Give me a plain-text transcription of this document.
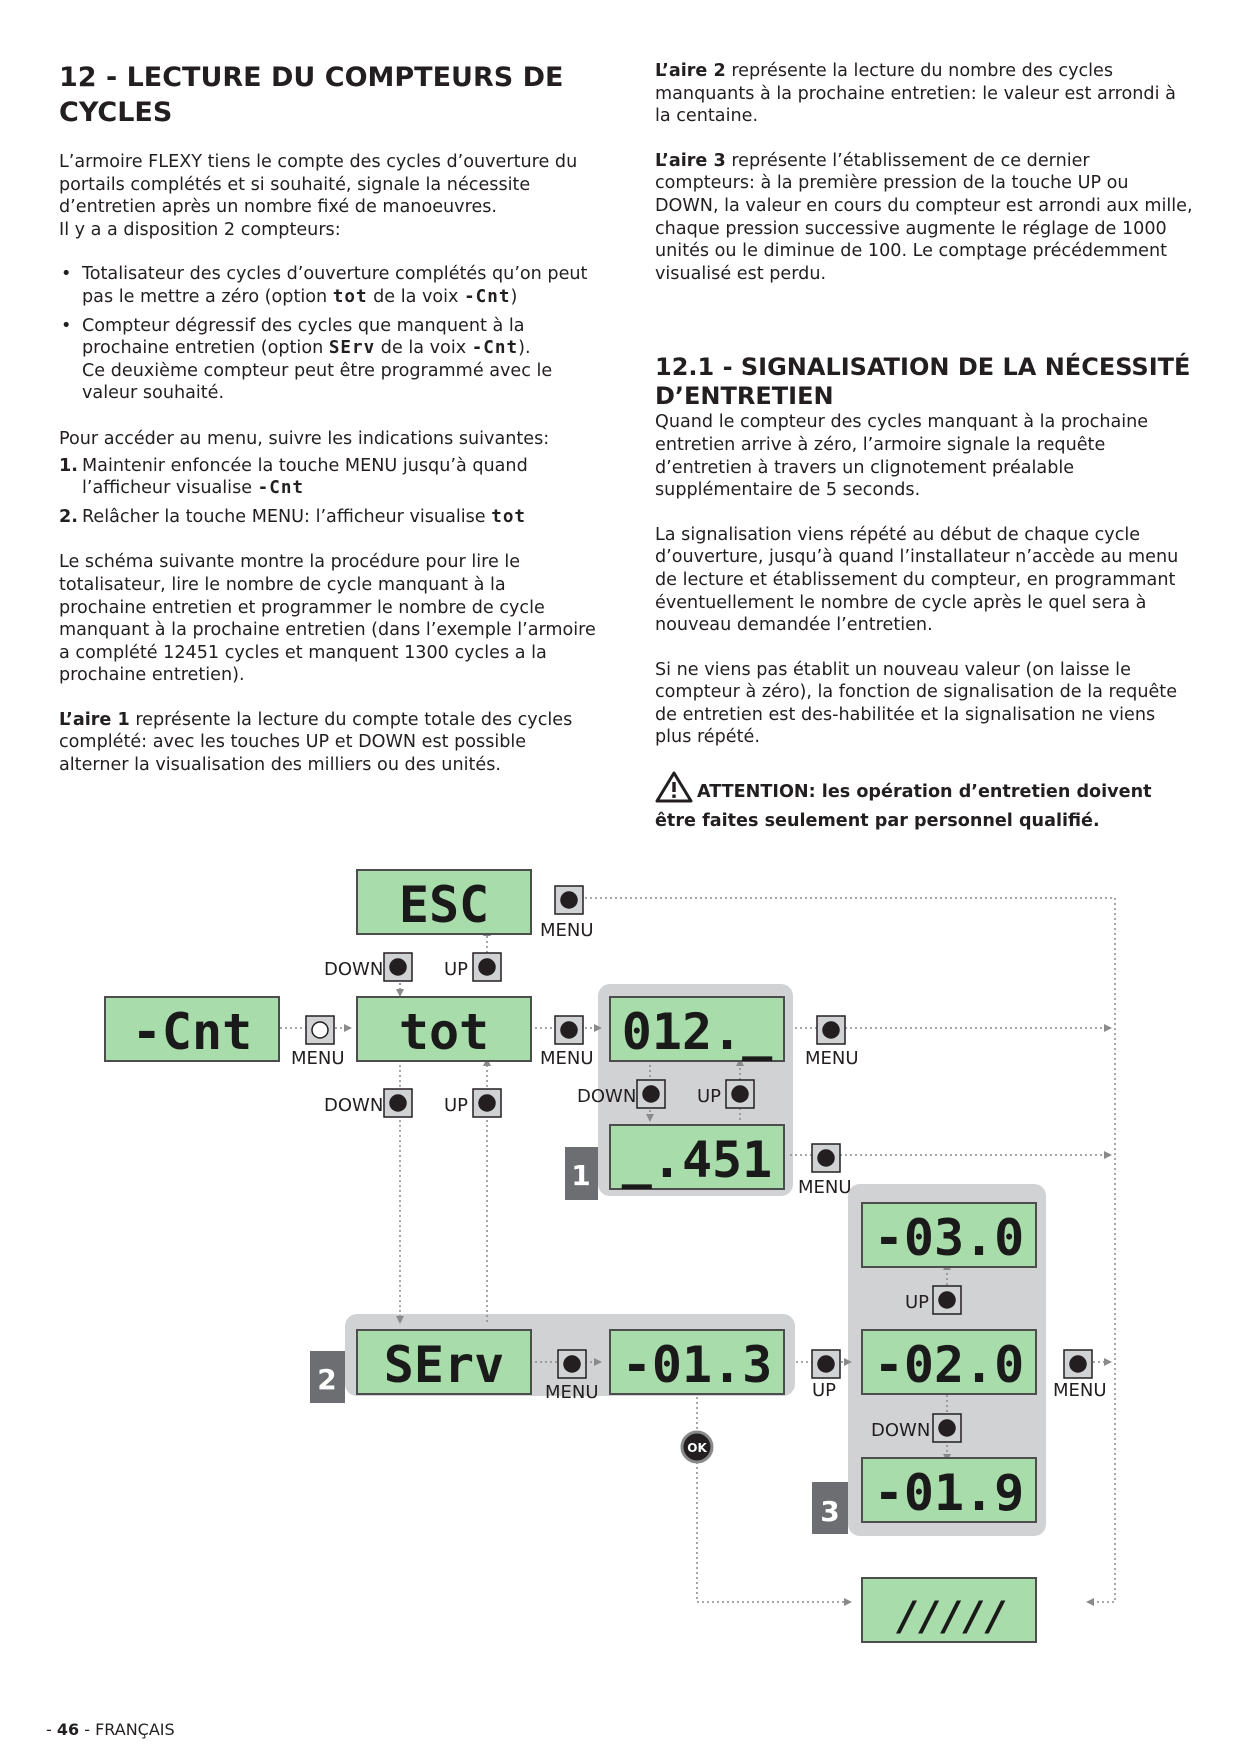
12 - LECTURE DU COMPTEURS DE CYCLES

L’armoire FLEXY tiens le compte des cycles d’ouverture du portails complétés et si souhaité, signale la nécessite d’entretien après un nombre fixé de manoeuvres.
Il y a a disposition 2 compteurs:

• Totalisateur des cycles d’ouverture complétés qu’on peut pas le mettre a zéro (option tot de la voix -Cnt)
• Compteur dégressif des cycles que manquent à la prochaine entretien (option SErv de la voix -Cnt).
Ce deuxième compteur peut être programmé avec le valeur souhaité.

Pour accéder au menu, suivre les indications suivantes:

1. Maintenir enfoncée la touche MENU jusqu’à quand l’afficheur visualise -Cnt
2. Relâcher la touche MENU: l’afficheur visualise tot

Le schéma suivante montre la procédure pour lire le totalisateur, lire le nombre de cycle manquant à la prochaine entretien et programmer le nombre de cycle manquant à la prochaine entretien (dans l’exemple l’armoire a complété 12451 cycles et manquent 1300 cycles a la prochaine entretien).

L’aire 1 représente la lecture du compte totale des cycles complété: avec les touches UP et DOWN est possible alterner la visualisation des milliers ou des unités.

L’aire 2 représente la lecture du nombre des cycles manquants à la prochaine entretien: le valeur est arrondi à la centaine.

L’aire 3 représente l’établissement de ce dernier compteurs: à la première pression de la touche UP ou DOWN, la valeur en cours du compteur est arrondi aux mille, chaque pression successive augmente le réglage de 1000 unités ou le diminue de 100. Le comptage précédemment visualisé est perdu.

12.1 - SIGNALISATION DE LA NÉCESSITÉ D’ENTRETIEN

Quand le compteur des cycles manquant à la prochaine entretien arrive à zéro, l’armoire signale la requête d’entretien à travers un clignotement préalable supplémentaire de 5 seconds.

La signalisation viens répété au début de chaque cycle d’ouverture, jusqu’à quand l’installateur n’accède au menu de lecture et établissement du compteur, en programmant éventuellement le nombre de cycle après le quel sera à nouveau demandée l’entretien.

Si ne viens pas établit un nouveau valeur (on laisse le compteur à zéro), la fonction de signalisation de la requête de entretien est des-habilitée et la signalisation ne viens plus répété.

ATTENTION: les opération d’entretien doivent être faites seulement par personnel qualifié.

1
2
3
ESC
-Cnt	tot	012._
_.451
SErv -01.3
-03.0
-02.0
-01.9
/////
MENU
DOWN	UP
MENU	MENU	MENU
DOWN	UP	DOWN	UP
MENU
UP
MENU	UP	MENU
DOWN
OK
- 46 - FRANÇAIS
